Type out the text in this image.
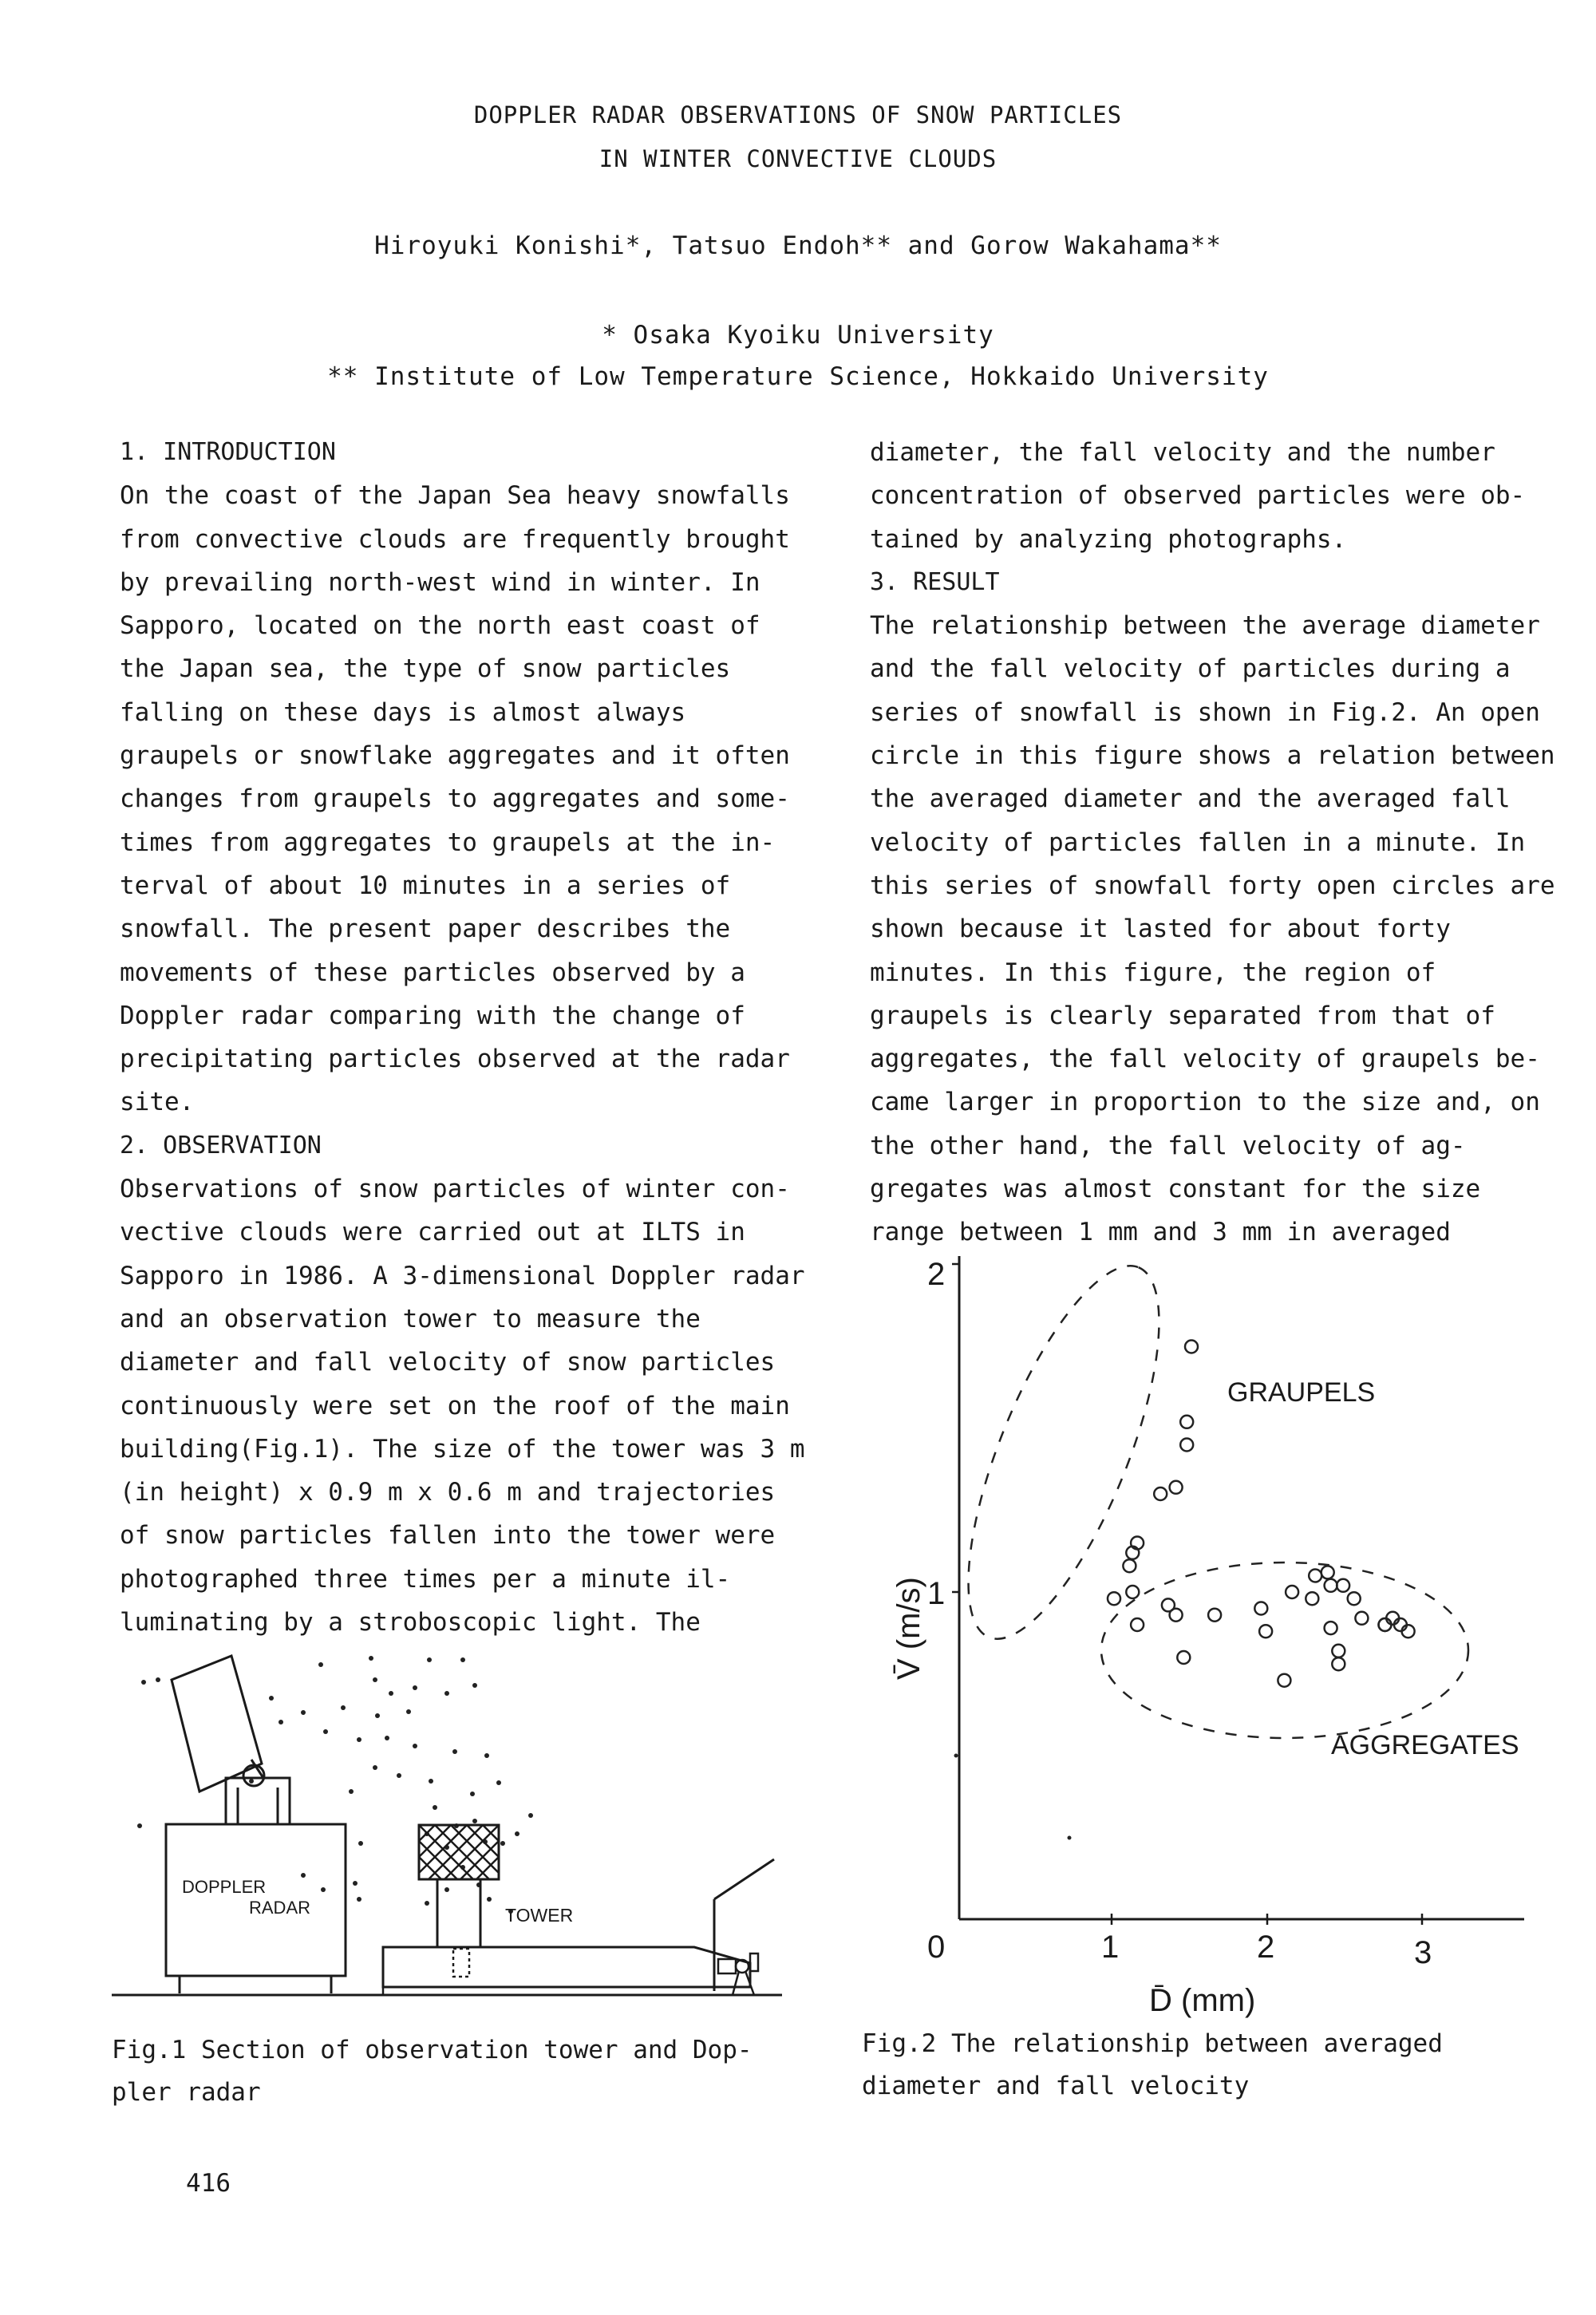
DOPPLER RADAR OBSERVATIONS OF SNOW PARTICLES
IN WINTER CONVECTIVE CLOUDS
Hiroyuki Konishi*, Tatsuo Endoh** and Gorow Wakahama**
* Osaka Kyoiku University
** Institute of Low Temperature Science, Hokkaido University

1. INTRODUCTION

On the coast of the Japan Sea heavy snowfalls

from convective clouds are frequently brought

by prevailing north-west wind in winter. In

Sapporo, located on the north east coast of

the Japan sea, the type of snow particles

falling on these days is almost always

graupels or snowflake aggregates and it often

changes from graupels to aggregates and some-

times from aggregates to graupels at the in-

terval of about 10 minutes in a series of

snowfall. The present paper describes the

movements of these particles observed by a

Doppler radar comparing with the change of

precipitating particles observed at the radar

site.

2. OBSERVATION

Observations of snow particles of winter con-

vective clouds were carried out at ILTS in

Sapporo in 1986. A 3-dimensional Doppler radar

and an observation tower to measure the

diameter and fall velocity of snow particles

continuously were set on the roof of the main

building(Fig.1). The size of the tower was 3 m

(in height) x 0.9 m x 0.6 m and trajectories

of snow particles fallen into the tower were

photographed three times per a minute il-

luminating by a stroboscopic light. The

diameter, the fall velocity and the number

concentration of observed particles were ob-

tained by analyzing photographs.

3. RESULT

The relationship between the average diameter

and the fall velocity of particles during a

series of snowfall is shown in Fig.2. An open

circle in this figure shows a relation between

the averaged diameter and the averaged fall

velocity of particles fallen in a minute. In

this series of snowfall forty open circles are

shown because it lasted for about forty

minutes. In this figure, the region of

graupels is clearly separated from that of

aggregates, the fall velocity of graupels be-

came larger in proportion to the size and, on

the other hand, the fall velocity of ag-

gregates was almost constant for the size

range between 1 mm and 3 mm in averaged

DOPPLER
RADAR	TOWER
Fig.1 Section of observation tower and Dop-
pler radar
2
1
0	1	2	3
D̄ (mm)
V̄ (m/s)
GRAUPELS
AGGREGATES
Fig.2 The relationship between averaged
diameter and fall velocity
416
